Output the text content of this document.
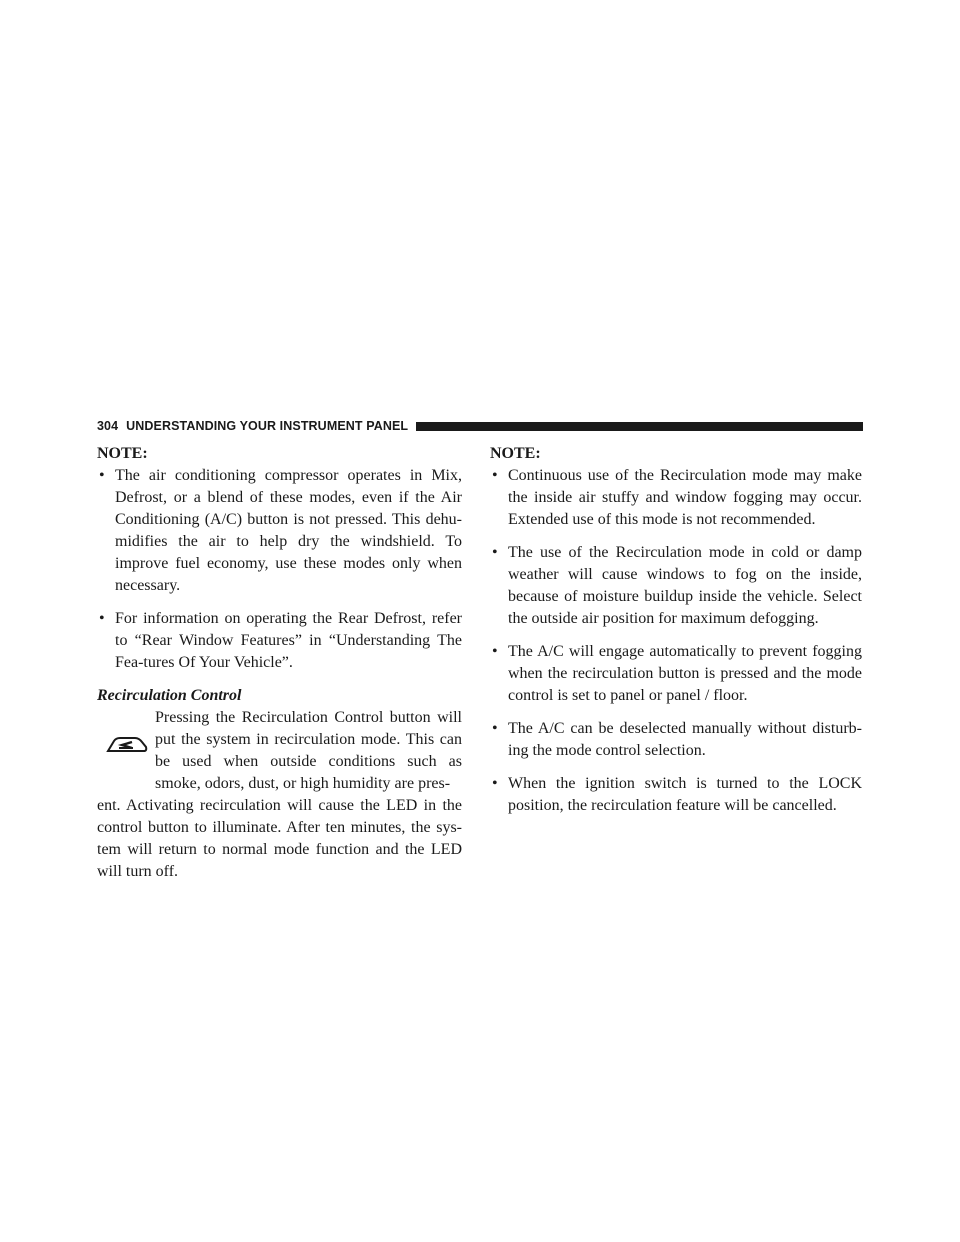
304 UNDERSTANDING YOUR INSTRUMENT PANEL

NOTE:

• The air conditioning compressor operates in Mix, Defrost, or a blend of these modes, even if the Air Conditioning (A/C) button is not pressed. This dehu-midifies the air to help dry the windshield. To improve fuel economy, use these modes only when necessary.
• For information on operating the Rear Defrost, refer to “Rear Window Features” in “Understanding The Fea-tures Of Your Vehicle”.

Recirculation Control

Pressing the Recirculation Control button will put the system in recirculation mode. This can be used when outside conditions such as smoke, odors, dust, or high humidity are pres-

ent. Activating recirculation will cause the LED in the control button to illuminate. After ten minutes, the sys-tem will return to normal mode function and the LED will turn off.

NOTE:

• Continuous use of the Recirculation mode may make the inside air stuffy and window fogging may occur. Extended use of this mode is not recommended.
• The use of the Recirculation mode in cold or damp weather will cause windows to fog on the inside, because of moisture buildup inside the vehicle. Select the outside air position for maximum defogging.
• The A/C will engage automatically to prevent fogging when the recirculation button is pressed and the mode control is set to panel or panel / floor.
• The A/C can be deselected manually without disturb-ing the mode control selection.
• When the ignition switch is turned to the LOCK position, the recirculation feature will be cancelled.
